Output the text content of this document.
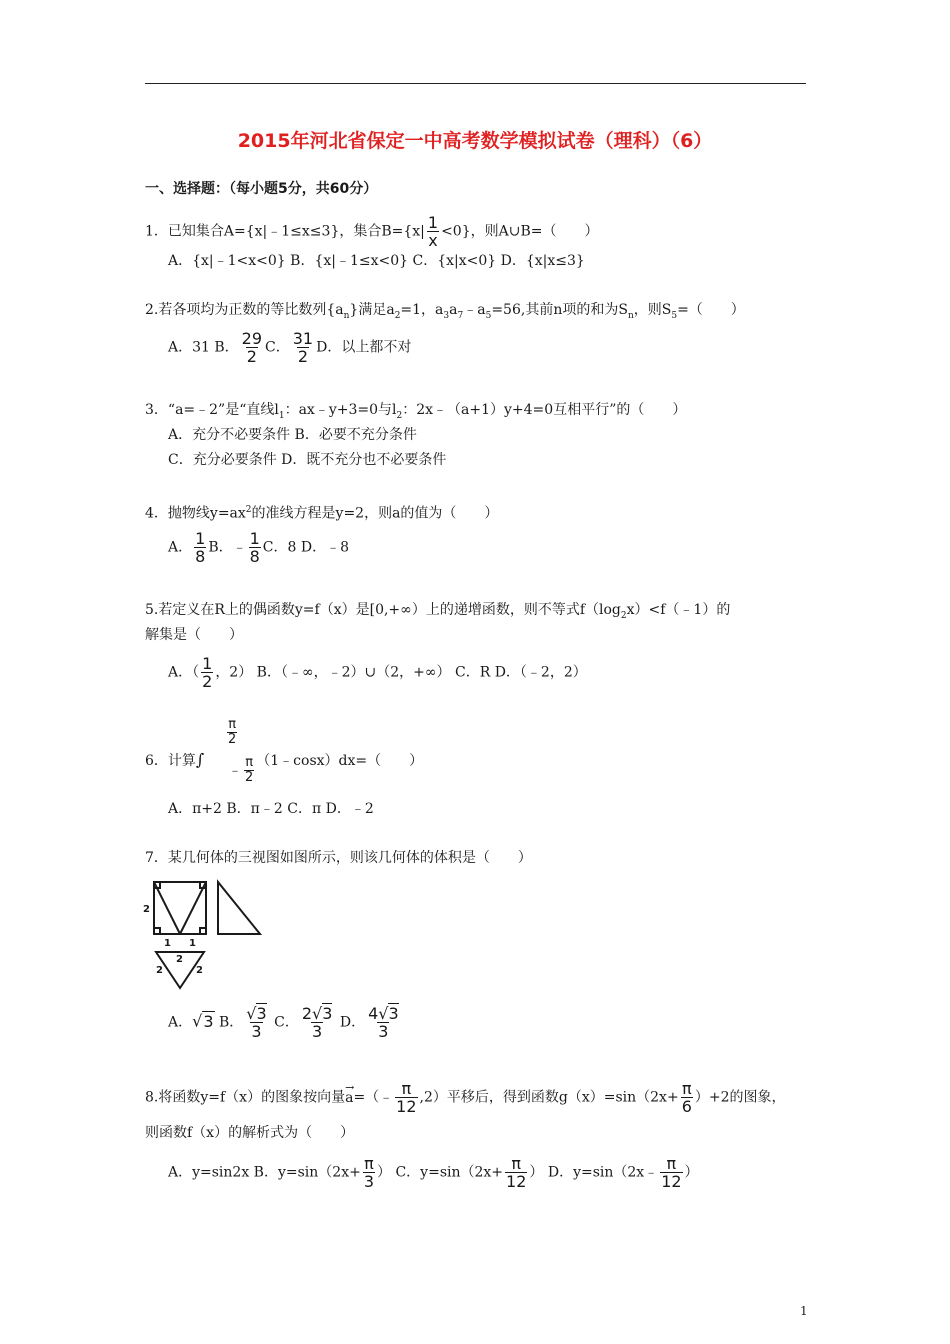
2015年河北省保定一中高考数学模拟试卷（理科）（6）
一、选择题：（每小题5分，共60分）
1．已知集合A={x|﹣1≤x≤3}，集合$B=\{x| \frac{1}{x} <0\}$，则A∪B=（　　）
A．{x|﹣1<x<0} B．{x|﹣1≤x<0} C．{x|x<0} D．{x|x≤3}
2.若各项均为正数的等比数列$\{a_n\}$满足$a_2=1$，$a_3a_7﹣a_5=56$,其前n项的和为$S_n$，则$S_5=$（　　）
A．31 B． $\frac{29}{2}$ C． $\frac{31}{2}$ D．以上都不对
3．“a=﹣2”是“直线$l_1$：ax﹣y+3=0与$l_2$：2x﹣（a+1）y+4=0互相平行”的（　　）
A．充分不必要条件 B．必要不充分条件
C．充分必要条件 D．既不充分也不必要条件
4．抛物线$y=ax^2$的准线方程是y=2，则a的值为（　　）
A． $\frac{1}{8}$ B．﹣ $\frac{1}{8}$ C．8 D．﹣8
5.若定义在R上的偶函数y=f（x）是[0,+∞）上的递增函数，则不等式$f(\log_2x)<f(﹣1)$的
解集是（　　）
A．（ $\frac{1}{2}$ ，2） B．（﹣∞，﹣2）∪（2，+∞） C．R D．（﹣2，2）
$\frac{\pi}{2}$
6．计算∫	（1﹣cosx）dx=（　　）
﹣ $\frac{\pi}{2}$
A．π+2 B．π﹣2 C．π D．﹣2
7．某几何体的三视图如图所示，则该几何体的体积是（　　）
2
1 1
2
2
2
A．√3 B． $\frac{√3}{3}$ C． $\frac{2√3}{3}$ D． $\frac{4√3}{3}$
8.将函数y=f（x）的图象按向量
→
a=（﹣ $\frac{\pi}{12} ,2$）平移后，得到函数$g(x)=\sin(2x+ \frac{\pi}{6} )+2$的图象，
则函数f（x）的解析式为（　　）
A．y=sin2x B．$y=\sin(2x+ \frac{\pi}{3}$ ） C．$y=\sin(2x+ \frac{\pi}{12}$ ） D．y=sin（2x﹣ $\frac{\pi}{12}$ ）
1
